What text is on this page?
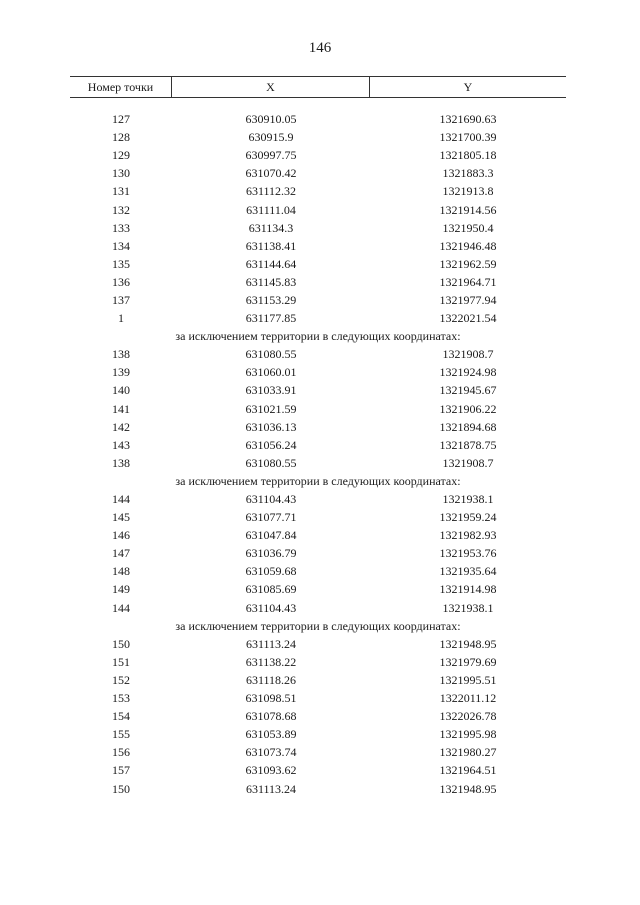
146
Номер точки	X	Y
127	630910.05	1321690.63
128	630915.9	1321700.39
129	630997.75	1321805.18
130	631070.42	1321883.3
131	631112.32	1321913.8
132	631111.04	1321914.56
133	631134.3	1321950.4
134	631138.41	1321946.48
135	631144.64	1321962.59
136	631145.83	1321964.71
137	631153.29	1321977.94
1	631177.85	1322021.54
за исключением территории в следующих координатах:
138	631080.55	1321908.7
139	631060.01	1321924.98
140	631033.91	1321945.67
141	631021.59	1321906.22
142	631036.13	1321894.68
143	631056.24	1321878.75
138	631080.55	1321908.7
за исключением территории в следующих координатах:
144	631104.43	1321938.1
145	631077.71	1321959.24
146	631047.84	1321982.93
147	631036.79	1321953.76
148	631059.68	1321935.64
149	631085.69	1321914.98
144	631104.43	1321938.1
за исключением территории в следующих координатах:
150	631113.24	1321948.95
151	631138.22	1321979.69
152	631118.26	1321995.51
153	631098.51	1322011.12
154	631078.68	1322026.78
155	631053.89	1321995.98
156	631073.74	1321980.27
157	631093.62	1321964.51
150	631113.24	1321948.95
